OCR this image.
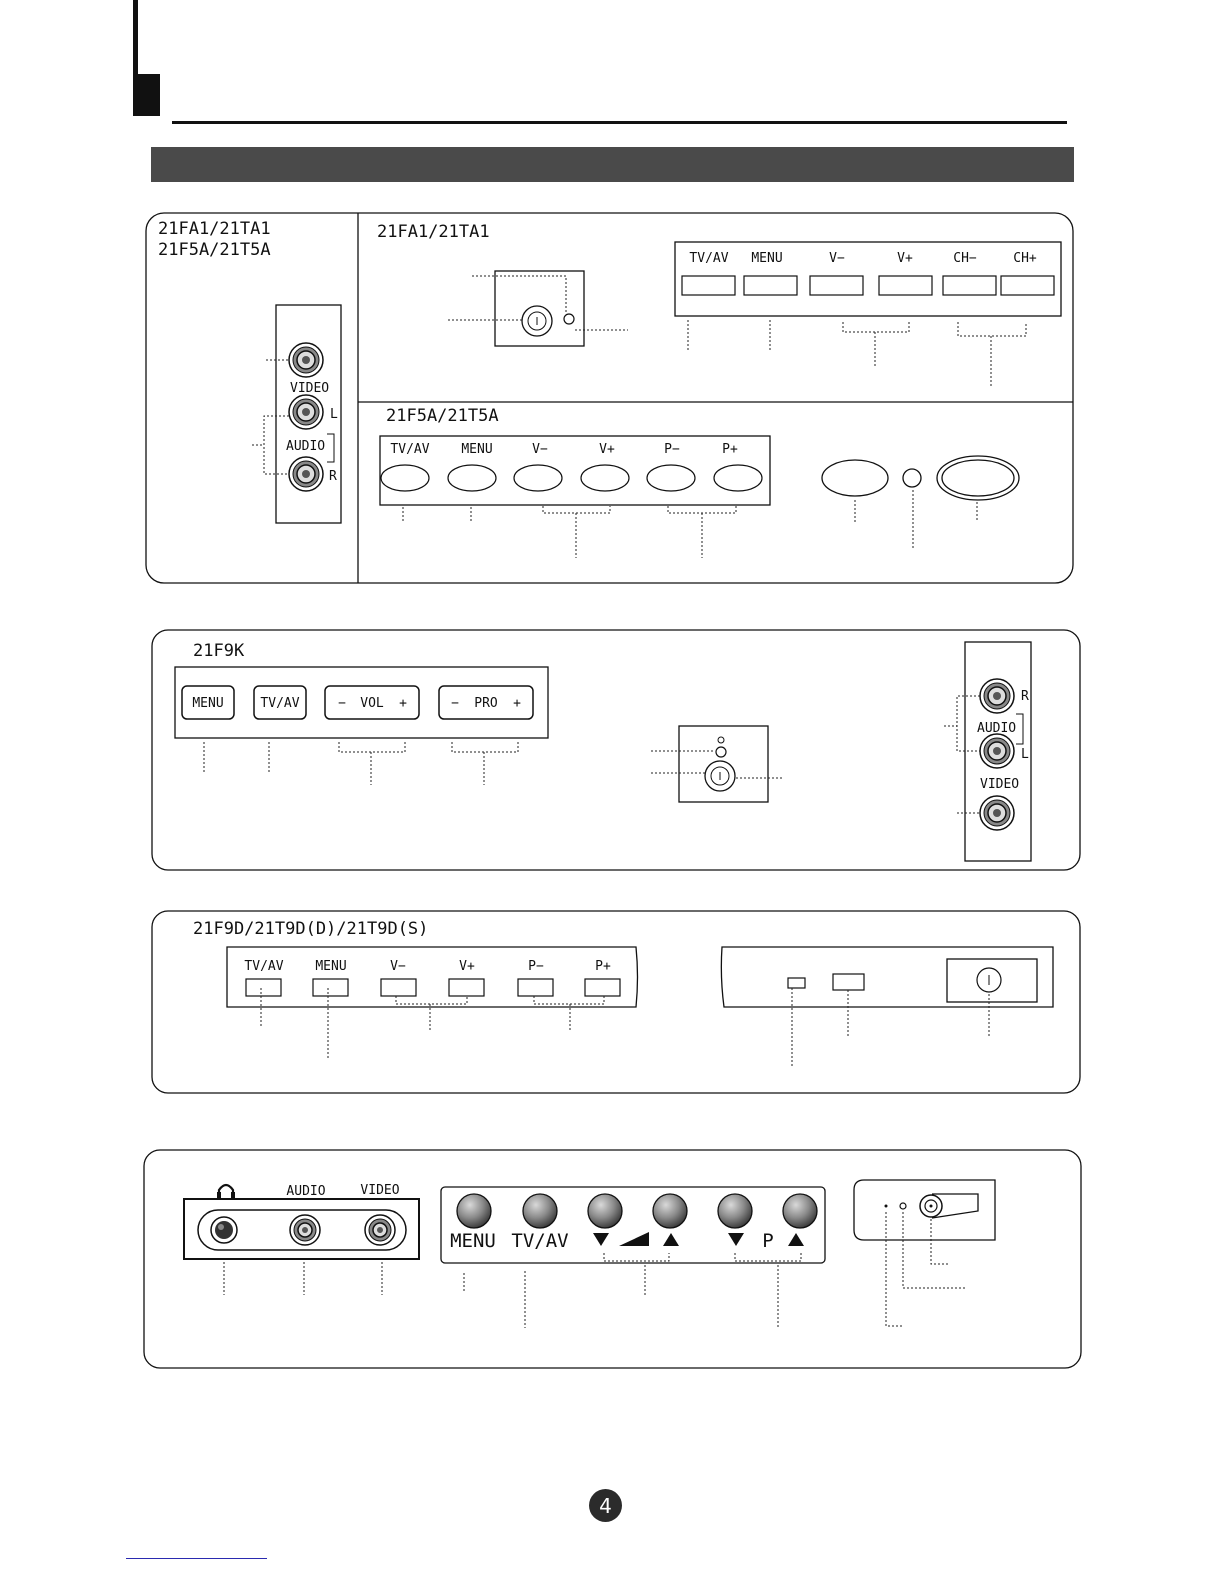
21FA1/21TA1
21F5A/21T5A
VIDEO
L
AUDIO
R
21FA1/21TA1
TV/AV MENU	V−	V+	CH−	CH+
21F5A/21T5A
TV/AV MENU	V−	V+	P−	P+
21F9K
MENU	TV/AV	− VOL +	− PRO +	R
AUDIO
L
VIDEO
21F9D/21T9D(D)/21T9D(S)
TV/AV MENU	V−	V+	P−	P+
AUDIO	VIDEO
MENU TV/AV	P
4
